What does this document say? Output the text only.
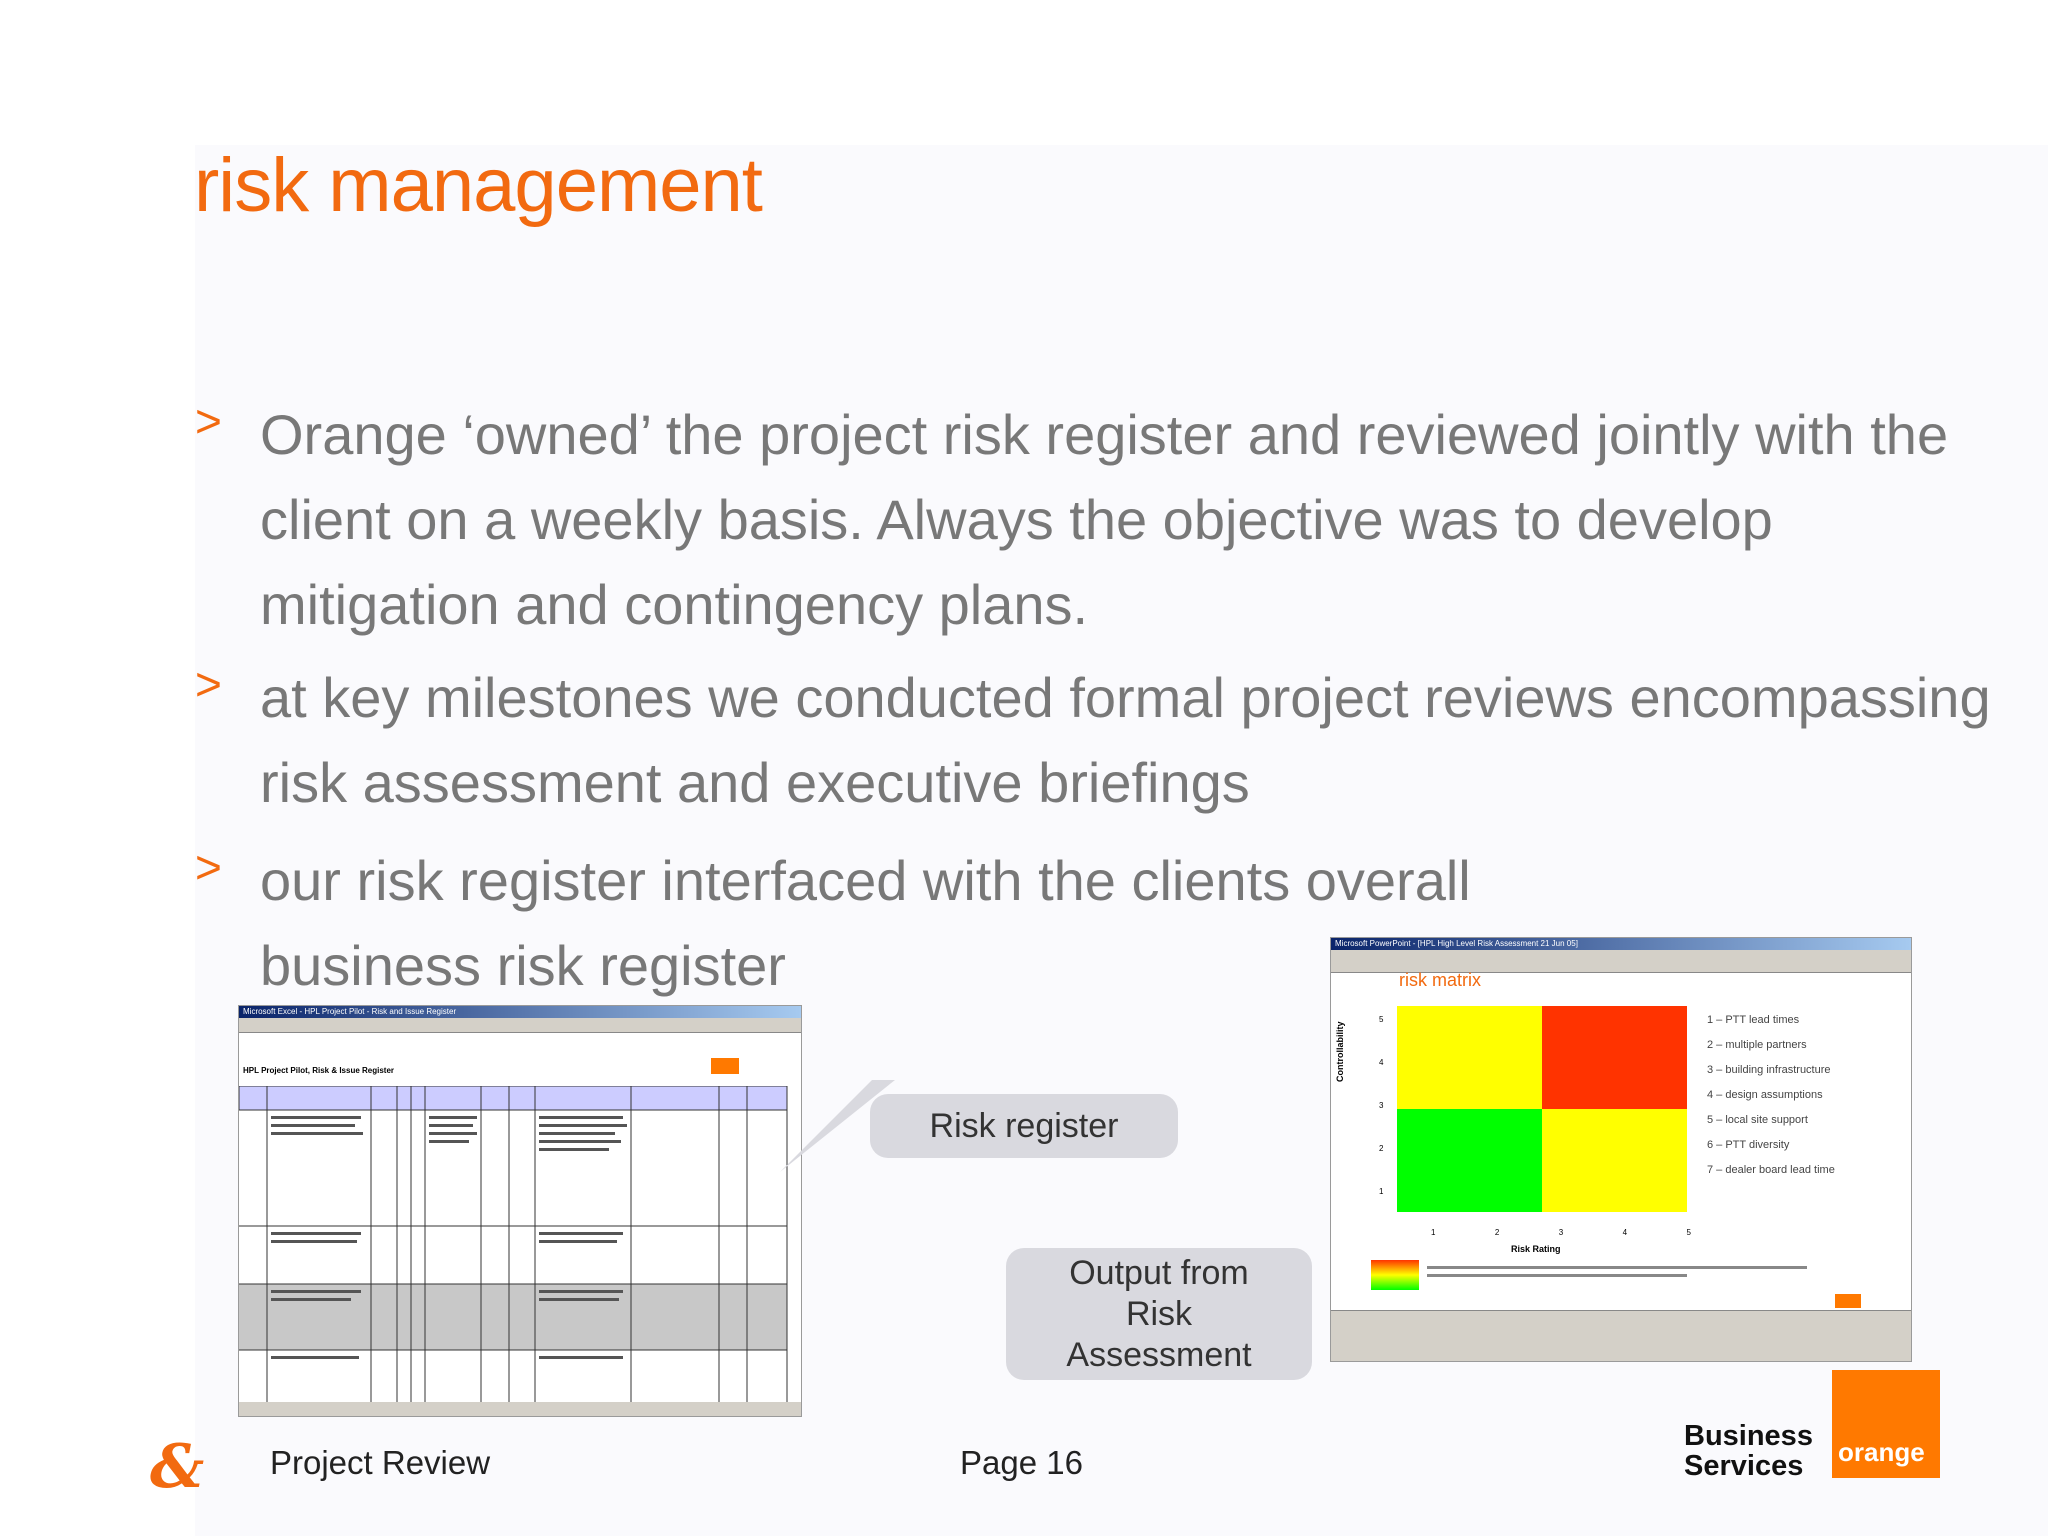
risk management
> Orange ‘owned’ the project risk register and reviewed jointly with the client on a weekly basis. Always the objective was to develop mitigation and contingency plans.
> at key milestones we conducted formal project reviews encompassing risk assessment and executive briefings
> our risk register interfaced with the clients overall business risk register
Microsoft Excel - HPL Project Pilot - Risk and Issue Register
HPL Project Pilot, Risk & Issue Register
Microsoft PowerPoint - [HPL High Level Risk Assessment 21 Jun 05]
risk matrix
Controllability
Risk Rating
5
4
3
2
1
1	2	3	4	5
1 – PTT lead times
2 – multiple partners
3 – building infrastructure
4 – design assumptions
5 – local site support
6 – PTT diversity
7 – dealer board lead time
Risk register
Output from Risk Assessment
& Project Review	Page 16
Business
Services	orange
